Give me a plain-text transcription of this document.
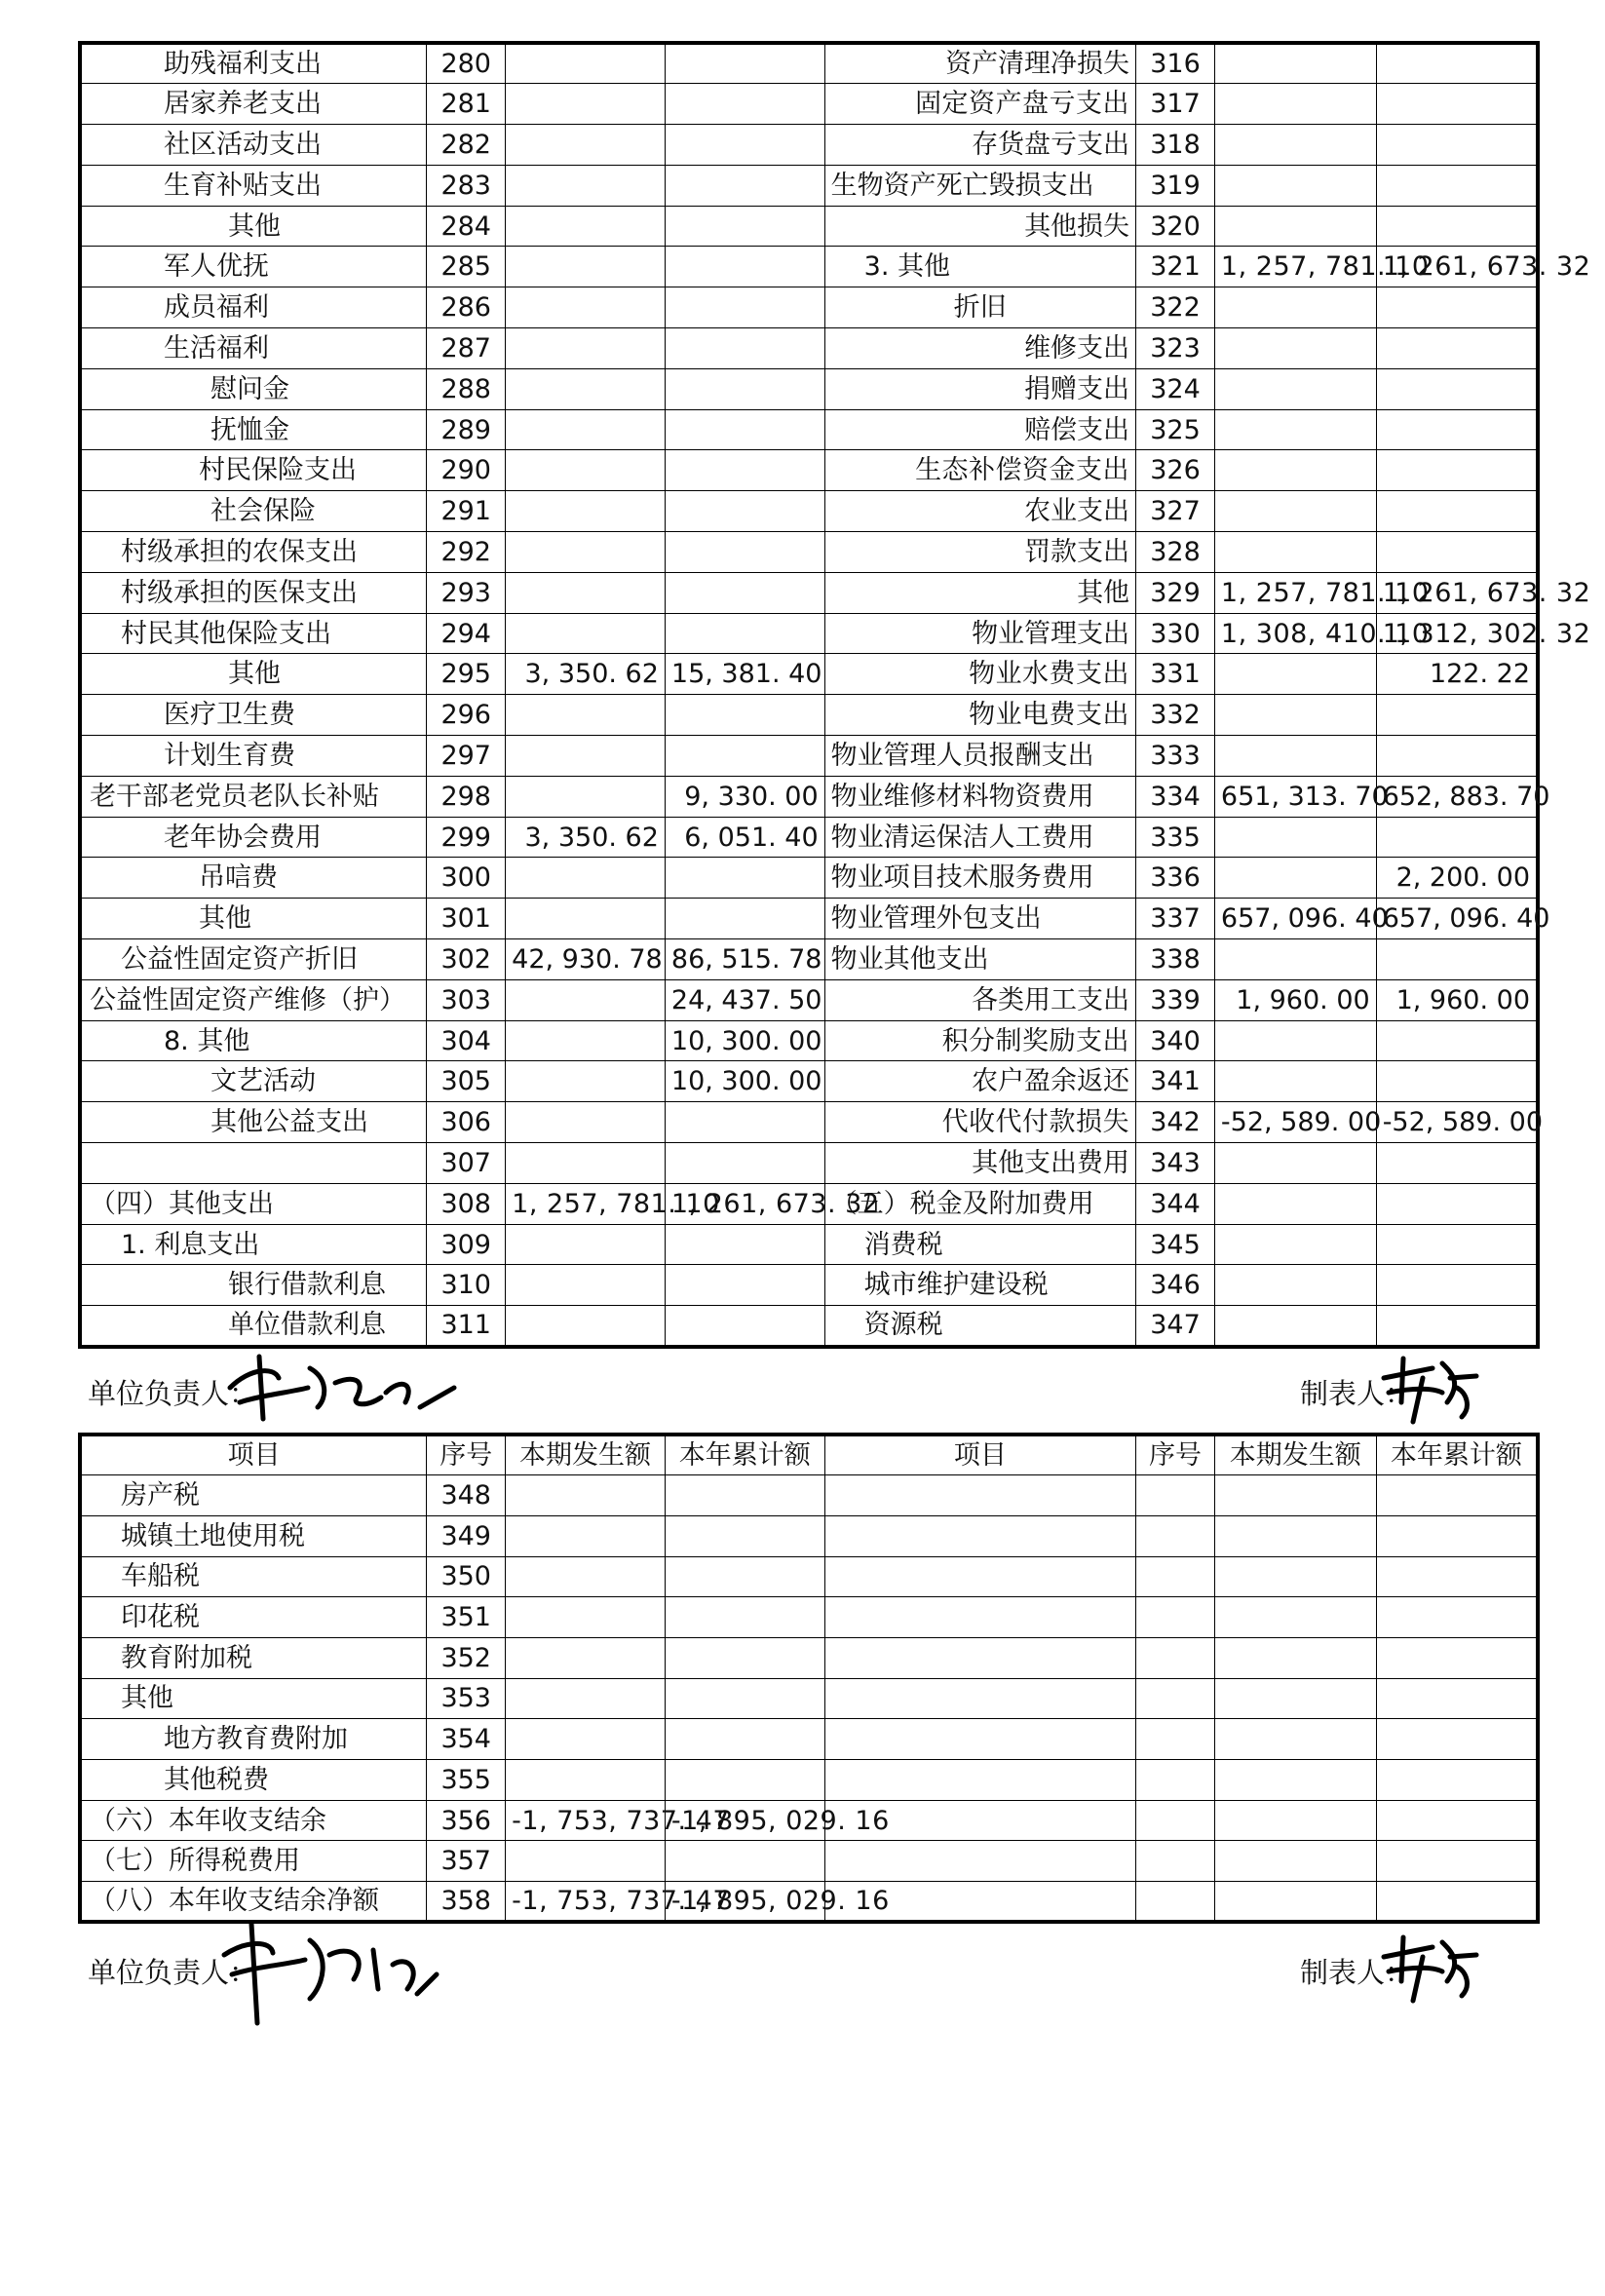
助残福利支出	280			资产清理净损失	316		
居家养老支出	281			固定资产盘亏支出	317		
社区活动支出	282			存货盘亏支出	318		
生育补贴支出	283			生物资产死亡毁损支出	319		
其他	284			其他损失	320		
军人优抚	285			3. 其他	321	1, 257, 781. 10	1, 261, 673. 32
成员福利	286			折旧	322		
生活福利	287			维修支出	323		
慰问金	288			捐赠支出	324		
抚恤金	289			赔偿支出	325		
村民保险支出	290			生态补偿资金支出	326		
社会保险	291			农业支出	327		
村级承担的农保支出	292			罚款支出	328		
村级承担的医保支出	293			其他	329	1, 257, 781. 10	1, 261, 673. 32
村民其他保险支出	294			物业管理支出	330	1, 308, 410. 10	1, 312, 302. 32
其他	295	3, 350. 62	15, 381. 40	物业水费支出	331		122. 22
医疗卫生费	296			物业电费支出	332		
计划生育费	297			物业管理人员报酬支出	333		
老干部老党员老队长补贴	298		9, 330. 00	物业维修材料物资费用	334	651, 313. 70	652, 883. 70
老年协会费用	299	3, 350. 62	6, 051. 40	物业清运保洁人工费用	335		
吊唁费	300			物业项目技术服务费用	336		2, 200. 00
其他	301			物业管理外包支出	337	657, 096. 40	657, 096. 40
公益性固定资产折旧	302	42, 930. 78	86, 515. 78	物业其他支出	338		
公益性固定资产维修（护）	303		24, 437. 50	各类用工支出	339	1, 960. 00	1, 960. 00
8. 其他	304		10, 300. 00	积分制奖励支出	340		
文艺活动	305		10, 300. 00	农户盈余返还	341		
其他公益支出	306			代收代付款损失	342	-52, 589. 00	-52, 589. 00
	307			其他支出费用	343		
（四）其他支出	308	1, 257, 781. 10	1, 261, 673. 32	（五）税金及附加费用	344		
1. 利息支出	309			消费税	345		
银行借款利息	310			城市维护建设税	346		
单位借款利息	311			资源税	347		
单位负责人：	制表人：
项目	序号	本期发生额	本年累计额	项目	序号	本期发生额	本年累计额
房产税	348						
城镇土地使用税	349						
车船税	350						
印花税	351						
教育附加税	352						
其他	353						
地方教育费附加	354						
其他税费	355						
（六）本年收支结余	356	-1, 753, 737. 47	-1, 895, 029. 16				
（七）所得税费用	357						
（八）本年收支结余净额	358	-1, 753, 737. 47	-1, 895, 029. 16				
单位负责人：	制表人：
